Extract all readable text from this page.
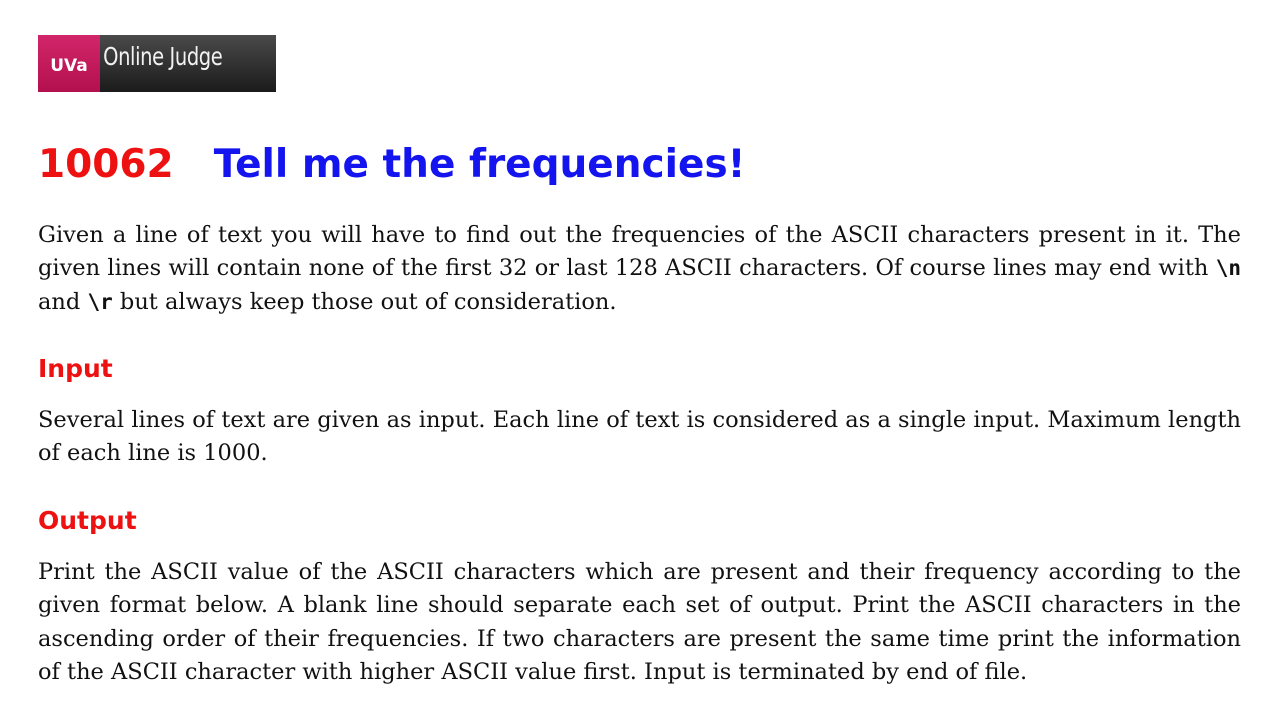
UVa Online Judge
10062 Tell me the frequencies!

Given a line of text you will have to find out the frequencies of the ASCII characters present in it. The given lines will contain none of the first 32 or last 128 ASCII characters. Of course lines may end with \n and \r but always keep those out of consideration.

Input

Several lines of text are given as input. Each line of text is considered as a single input. Maximum length of each line is 1000.

Output

Print the ASCII value of the ASCII characters which are present and their frequency according to the given format below. A blank line should separate each set of output. Print the ASCII characters in the ascending order of their frequencies. If two characters are present the same time print the information of the ASCII character with higher ASCII value first. Input is terminated by end of file.
